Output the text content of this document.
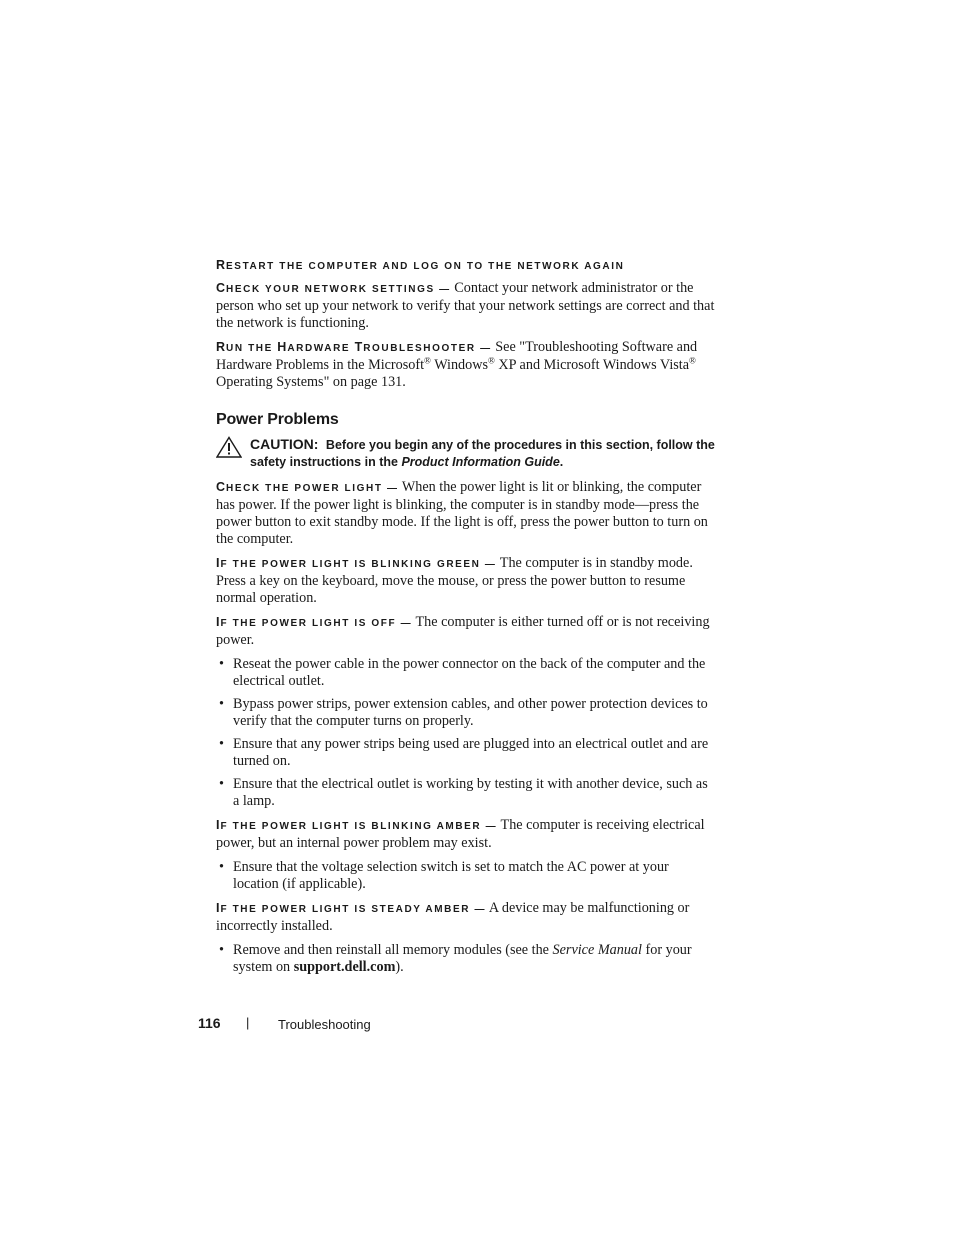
RESTART THE COMPUTER AND LOG ON TO THE NETWORK AGAIN

CHECK YOUR NETWORK SETTINGS — Contact your network administrator or the person who set up your network to verify that your network settings are correct and that the network is functioning.

RUN THE HARDWARE TROUBLESHOOTER — See "Troubleshooting Software and Hardware Problems in the Microsoft® Windows® XP and Microsoft Windows Vista® Operating Systems" on page 131.

Power Problems
CAUTION: Before you begin any of the procedures in this section, follow the safety instructions in the Product Information Guide.

CHECK THE POWER LIGHT — When the power light is lit or blinking, the computer has power. If the power light is blinking, the computer is in standby mode—press the power button to exit standby mode. If the light is off, press the power button to turn on the computer.

IF THE POWER LIGHT IS BLINKING GREEN — The computer is in standby mode. Press a key on the keyboard, move the mouse, or press the power button to resume normal operation.

IF THE POWER LIGHT IS OFF — The computer is either turned off or is not receiving power.

• Reseat the power cable in the power connector on the back of the computer and the electrical outlet.
• Bypass power strips, power extension cables, and other power protection devices to verify that the computer turns on properly.
• Ensure that any power strips being used are plugged into an electrical outlet and are turned on.
• Ensure that the electrical outlet is working by testing it with another device, such as a lamp.

IF THE POWER LIGHT IS BLINKING AMBER — The computer is receiving electrical power, but an internal power problem may exist.

• Ensure that the voltage selection switch is set to match the AC power at your location (if applicable).

IF THE POWER LIGHT IS STEADY AMBER — A device may be malfunctioning or incorrectly installed.

• Remove and then reinstall all memory modules (see the Service Manual for your system on support.dell.com).
116 | Troubleshooting
